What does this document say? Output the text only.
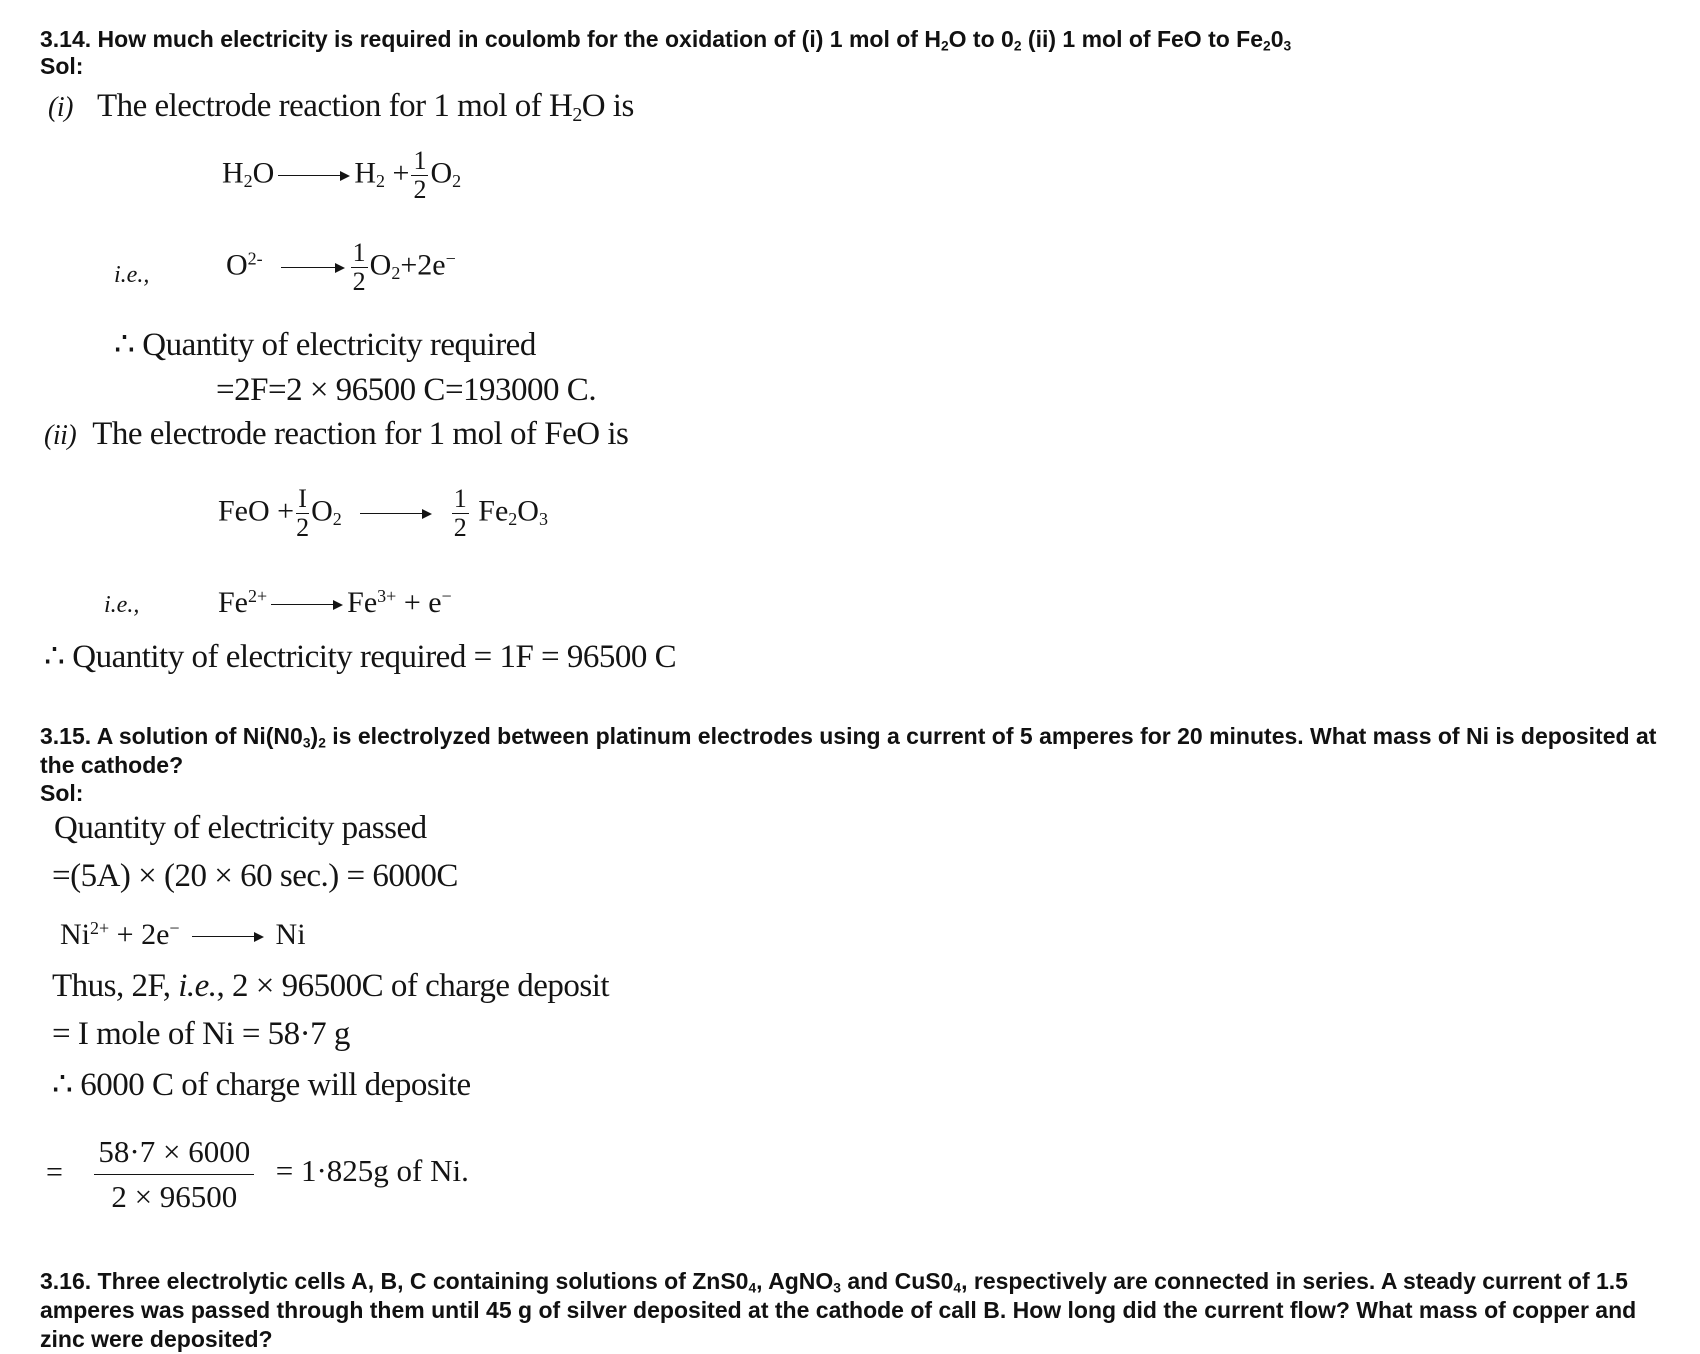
3.14. How much electricity is required in coulomb for the oxidation of (i) 1 mol of $H_2O$ to $0_2$ (ii) 1 mol of FeO to $Fe_20_3$
Sol:
(i) The electrode reaction for 1 mol of $H_2O$ is
$H_2O$	$H_2 + \frac{1}{2} O_2$
i.e.,	$O^{2-}$	$\frac{1}{2} O_2+2e^-$
∴ Quantity of electricity required
=2F=2 × 96500 C=193000 C.
(ii) The electrode reaction for 1 mol of FeO is
FeO + $\frac{I}{2} O_2$	$\frac{1}{2} Fe_2O_3$
i.e.,	$Fe^{2+}$	$Fe^{3+} + e^-$
∴ Quantity of electricity required = 1F = 96500 C
3.15. A solution of $Ni(N0_3)_2$ is electrolyzed between platinum electrodes using a current of 5 amperes for 20 minutes. What mass of Ni is deposited at the cathode?
Sol:
Quantity of electricity passed
=(5A) × (20 × 60 sec.) = 6000C
$Ni^{2+} + 2e^-$	Ni
Thus, 2F, i.e., 2 × 96500C of charge deposit
= I mole of Ni = 58·7 g
∴ 6000 C of charge will deposite
= $\frac{58\cdot 7 \times 6000}{2 \times 96500} = 1\cdot 825g$ of Ni.
3.16. Three electrolytic cells A, B, C containing solutions of $ZnS0_4$, AgNO$_3$ and $CuS0_4$, respectively are connected in series. A steady current of 1.5 amperes was passed through them until 45 g of silver deposited at the cathode of call B. How long did the current flow? What mass of copper and zinc were deposited?
